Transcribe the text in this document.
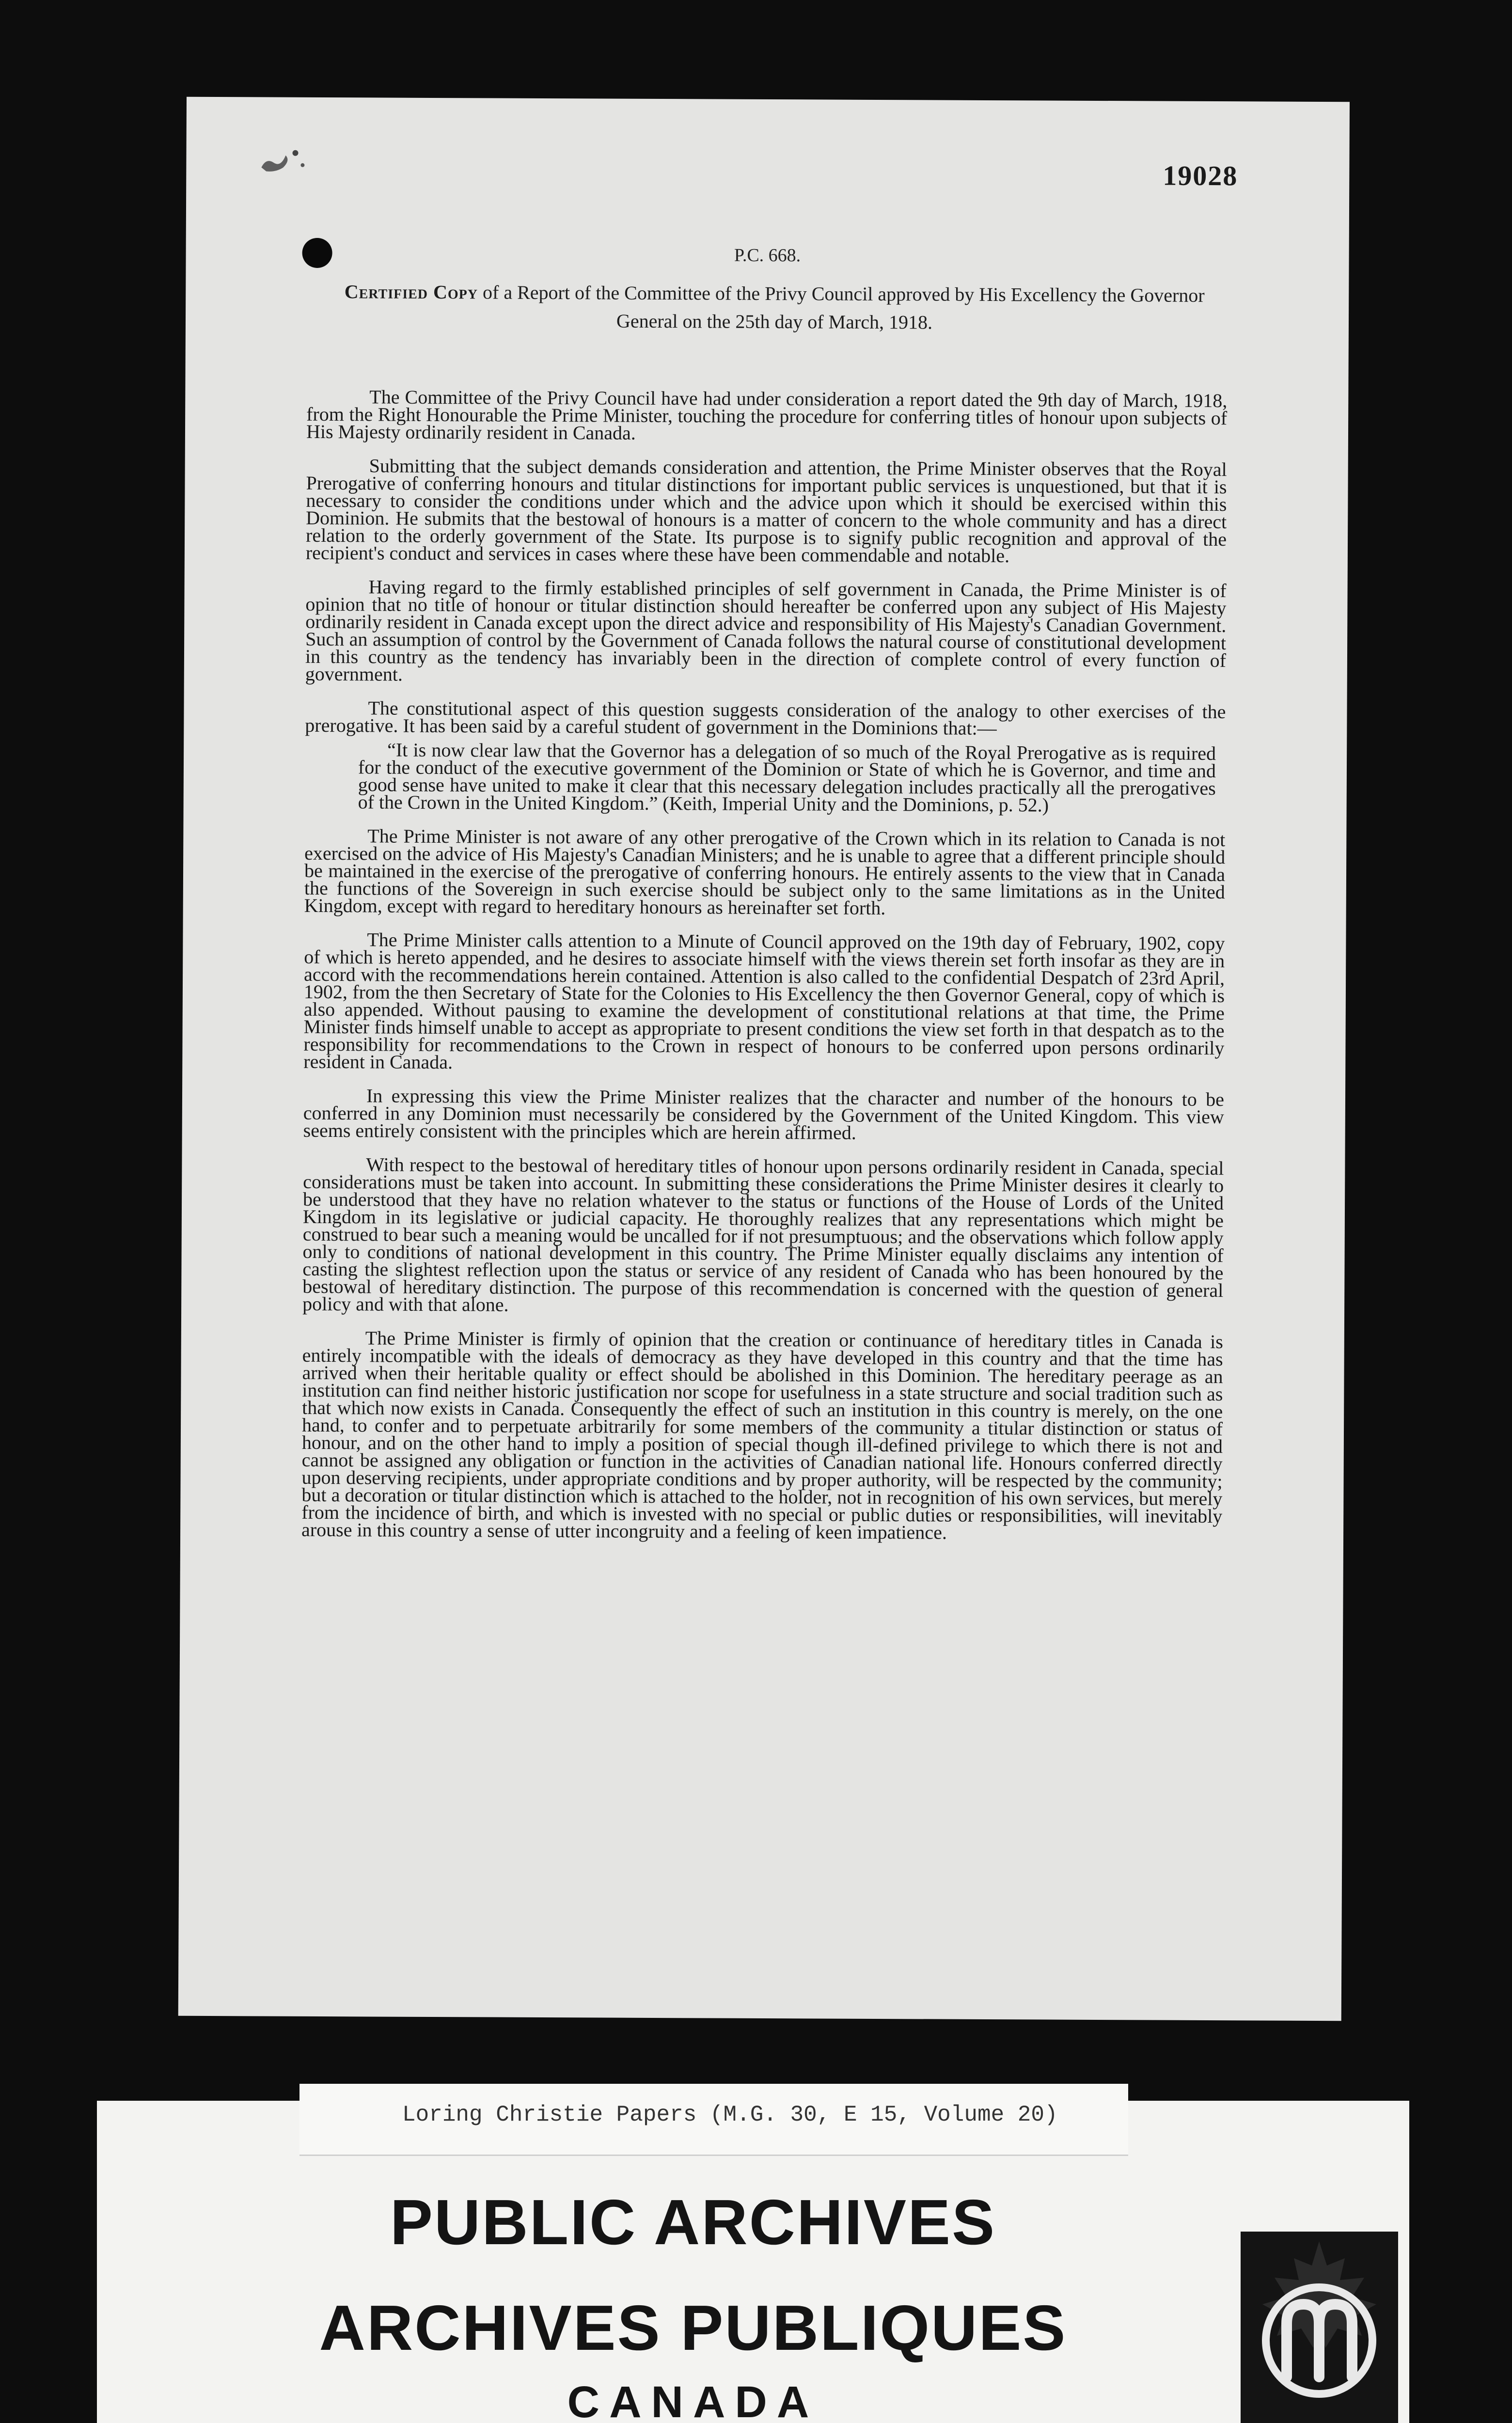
19028
P.C. 668.
Certified Copy of a Report of the Committee of the Privy Council approved by His Excellency the Governor General on the 25th day of March, 1918.

The Committee of the Privy Council have had under consideration a report dated the 9th day of March, 1918, from the Right Honourable the Prime Minister, touching the procedure for conferring titles of honour upon subjects of His Majesty ordinarily resident in Canada.

Submitting that the subject demands consideration and attention, the Prime Minister observes that the Royal Prerogative of conferring honours and titular distinctions for important public services is unquestioned, but that it is necessary to consider the conditions under which and the advice upon which it should be exercised within this Dominion. He submits that the bestowal of honours is a matter of concern to the whole community and has a direct relation to the orderly government of the State. Its purpose is to signify public recognition and approval of the recipient's conduct and services in cases where these have been commendable and notable.

Having regard to the firmly established principles of self government in Canada, the Prime Minister is of opinion that no title of honour or titular distinction should hereafter be conferred upon any subject of His Majesty ordinarily resident in Canada except upon the direct advice and responsibility of His Majesty's Canadian Government. Such an assumption of control by the Government of Canada follows the natural course of constitutional development in this country as the tendency has invariably been in the direction of complete control of every function of government.

The constitutional aspect of this question suggests consideration of the analogy to other exercises of the prerogative. It has been said by a careful student of government in the Dominions that:—

“It is now clear law that the Governor has a delegation of so much of the Royal Prerogative as is required for the conduct of the executive government of the Dominion or State of which he is Governor, and time and good sense have united to make it clear that this necessary delegation includes practically all the prerogatives of the Crown in the United Kingdom.” (Keith, Imperial Unity and the Dominions, p. 52.)

The Prime Minister is not aware of any other prerogative of the Crown which in its relation to Canada is not exercised on the advice of His Majesty's Canadian Ministers; and he is unable to agree that a different principle should be maintained in the exercise of the prerogative of conferring honours. He entirely assents to the view that in Canada the functions of the Sovereign in such exercise should be subject only to the same limitations as in the United Kingdom, except with regard to hereditary honours as hereinafter set forth.

The Prime Minister calls attention to a Minute of Council approved on the 19th day of February, 1902, copy of which is hereto appended, and he desires to associate himself with the views therein set forth insofar as they are in accord with the recommendations herein contained. Attention is also called to the confidential Despatch of 23rd April, 1902, from the then Secretary of State for the Colonies to His Excellency the then Governor General, copy of which is also appended. Without pausing to examine the development of constitutional relations at that time, the Prime Minister finds himself unable to accept as appropriate to present conditions the view set forth in that despatch as to the responsibility for recommendations to the Crown in respect of honours to be conferred upon persons ordinarily resident in Canada.

In expressing this view the Prime Minister realizes that the character and number of the honours to be conferred in any Dominion must necessarily be considered by the Government of the United Kingdom. This view seems entirely consistent with the principles which are herein affirmed.

With respect to the bestowal of hereditary titles of honour upon persons ordinarily resident in Canada, special considerations must be taken into account. In submitting these considerations the Prime Minister desires it clearly to be understood that they have no relation whatever to the status or functions of the House of Lords of the United Kingdom in its legislative or judicial capacity. He thoroughly realizes that any representations which might be construed to bear such a meaning would be uncalled for if not presumptuous; and the observations which follow apply only to conditions of national development in this country. The Prime Minister equally disclaims any intention of casting the slightest reflection upon the status or service of any resident of Canada who has been honoured by the bestowal of hereditary distinction. The purpose of this recommendation is concerned with the question of general policy and with that alone.

The Prime Minister is firmly of opinion that the creation or continuance of hereditary titles in Canada is entirely incompatible with the ideals of democracy as they have developed in this country and that the time has arrived when their heritable quality or effect should be abolished in this Dominion. The hereditary peerage as an institution can find neither historic justification nor scope for usefulness in a state structure and social tradition such as that which now exists in Canada. Consequently the effect of such an institution in this country is merely, on the one hand, to confer and to perpetuate arbitrarily for some members of the community a titular distinction or status of honour, and on the other hand to imply a position of special though ill-defined privilege to which there is not and cannot be assigned any obligation or function in the activities of Canadian national life. Honours conferred directly upon deserving recipients, under appropriate conditions and by proper authority, will be respected by the community; but a decoration or titular distinction which is attached to the holder, not in recognition of his own services, but merely from the incidence of birth, and which is invested with no special or public duties or responsibilities, will inevitably arouse in this country a sense of utter incongruity and a feeling of keen impatience.

Loring Christie Papers (M.G. 30, E 15, Volume 20)
PUBLIC ARCHIVES
ARCHIVES PUBLIQUES
CANADA
